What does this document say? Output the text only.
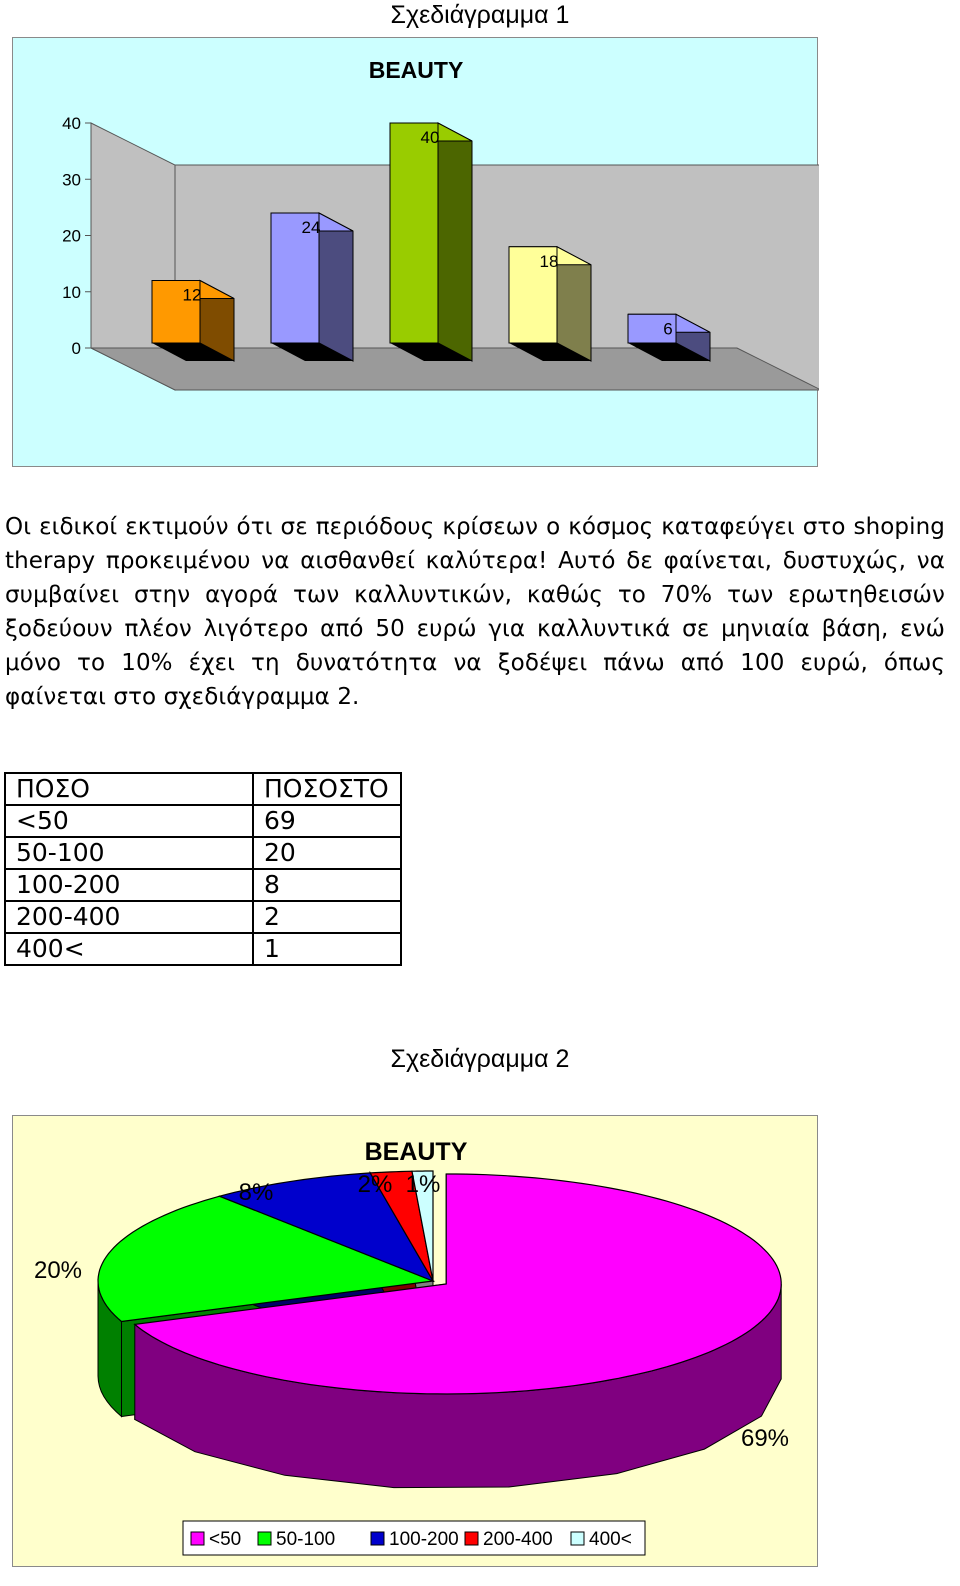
Σχεδιάγραμμα 1
BEAUTY
0
10
20
30
40
12
24
40
18
6
Οι ειδικοί εκτιμούν ότι σε περιόδους κρίσεων ο κόσμος καταφεύγει στο shoping therapy προκειμένου να αισθανθεί καλύτερα! Αυτό δε φαίνεται, δυστυχώς, να συμβαίνει στην αγορά των καλλυντικών, καθώς το 70% των ερωτηθεισών ξοδεύουν πλέον λιγότερο από 50 ευρώ για καλλυντικά σε μηνιαία βάση, ενώ μόνο το 10% έχει τη δυνατότητα να ξοδέψει πάνω από 100 ευρώ, όπως φαίνεται στο σχεδιάγραμμα 2.
ΠΟΣΟ	ΠΟΣΟΣΤΟ
<50	69
50-100	20
100-200	8
200-400	2
400<	1
Σχεδιάγραμμα 2
BEAUTY
69%
20%
8%	2% 1%
<50 50-100	100-200 200-400 400<
